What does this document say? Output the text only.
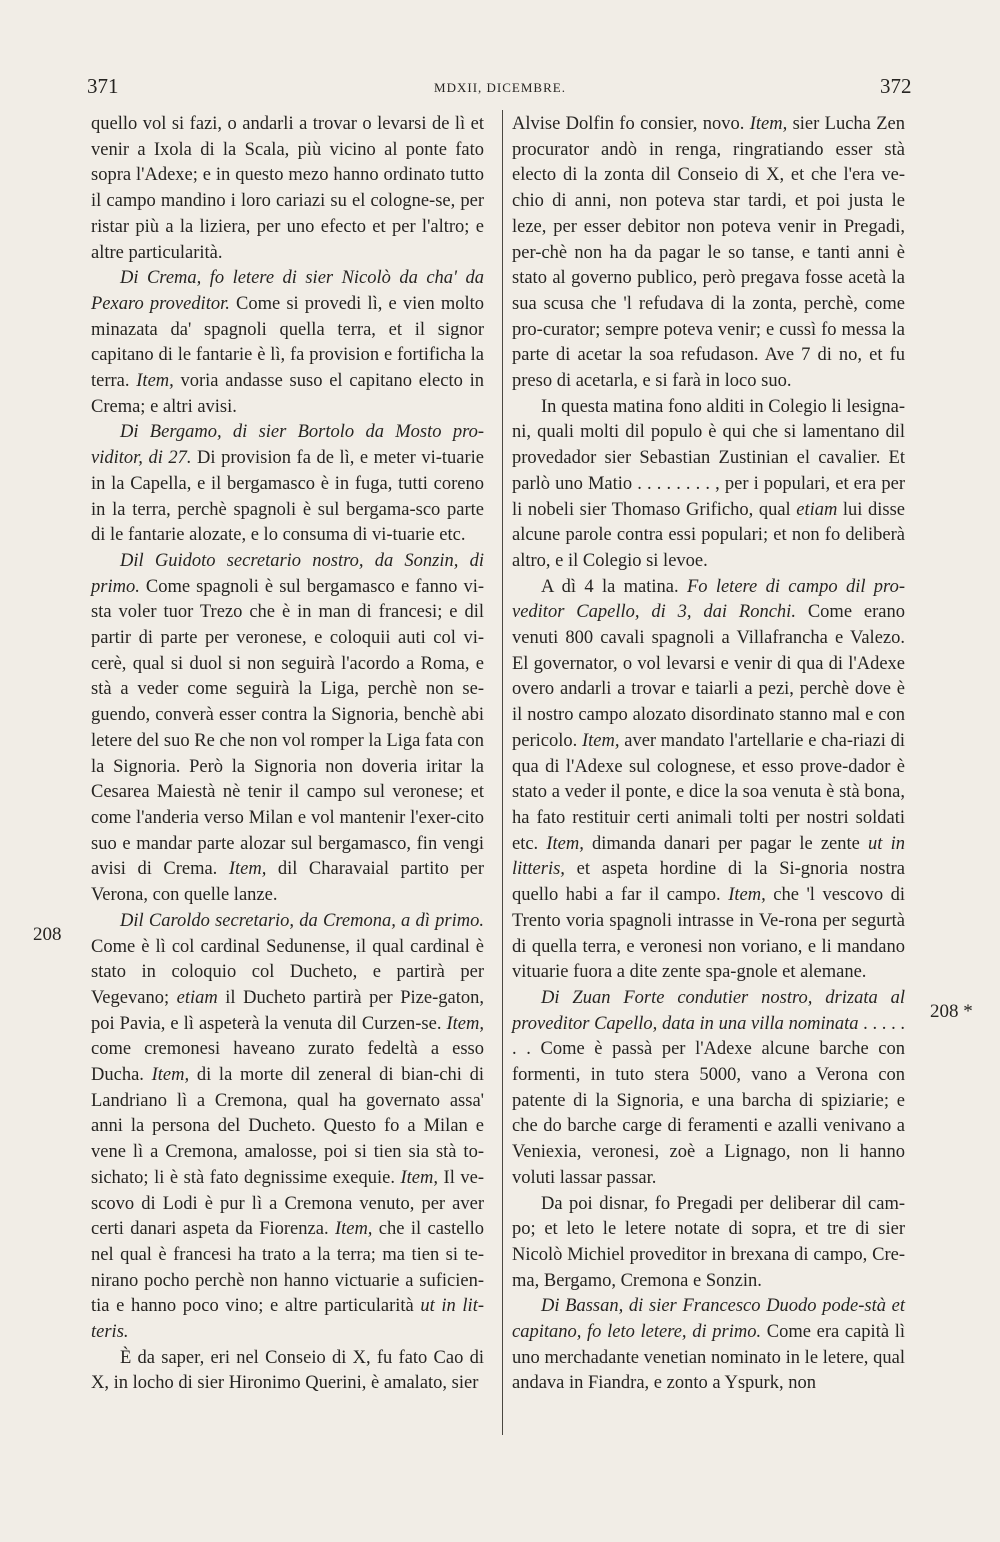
371	MDXII, DICEMBRE.	372
208
208 *

quello vol si fazi, o andarli a trovar o levarsi de lì et venir a Ixola di la Scala, più vicino al ponte fato sopra l'Adexe; e in questo mezo hanno ordinato tutto il campo mandino i loro cariazi su el cologne-se, per ristar più a la liziera, per uno efecto et per l'altro; e altre particularità.

Di Crema, fo letere di sier Nicolò da cha' da Pexaro proveditor. Come si provedi lì, e vien molto minazata da' spagnoli quella terra, et il signor capitano di le fantarie è lì, fa provision e fortificha la terra. Item, voria andasse suso el capitano electo in Crema; e altri avisi.

Di Bergamo, di sier Bortolo da Mosto pro-viditor, di 27. Di provision fa de lì, e meter vi-tuarie in la Capella, e il bergamasco è in fuga, tutti coreno in la terra, perchè spagnoli è sul bergama-sco parte di le fantarie alozate, e lo consuma di vi-tuarie etc.

Dil Guidoto secretario nostro, da Sonzin, di primo. Come spagnoli è sul bergamasco e fanno vi-sta voler tuor Trezo che è in man di francesi; e dil partir di parte per veronese, e coloquii auti col vi-cerè, qual si duol si non seguirà l'acordo a Roma, e stà a veder come seguirà la Liga, perchè non se-guendo, converà esser contra la Signoria, benchè abi letere del suo Re che non vol romper la Liga fata con la Signoria. Però la Signoria non doveria iritar la Cesarea Maiestà nè tenir il campo sul veronese; et come l'anderia verso Milan e vol mantenir l'exer-cito suo e mandar parte alozar sul bergamasco, fin vengi avisi di Crema. Item, dil Charavaial partito per Verona, con quelle lanze.

Dil Caroldo secretario, da Cremona, a dì primo. Come è lì col cardinal Sedunense, il qual cardinal è stato in coloquio col Ducheto, e partirà per Vegevano; etiam il Ducheto partirà per Pize-gaton, poi Pavia, e lì aspeterà la venuta dil Curzen-se. Item, come cremonesi haveano zurato fedeltà a esso Ducha. Item, di la morte dil zeneral di bian-chi di Landriano lì a Cremona, qual ha governato assa' anni la persona del Ducheto. Questo fo a Milan e vene lì a Cremona, amalosse, poi si tien sia stà to-sichato; li è stà fato degnissime exequie. Item, Il ve-scovo di Lodi è pur lì a Cremona venuto, per aver certi danari aspeta da Fiorenza. Item, che il castello nel qual è francesi ha trato a la terra; ma tien si te-nirano pocho perchè non hanno victuarie a suficien-tia e hanno poco vino; e altre particularità ut in lit-teris.

È da saper, eri nel Conseio di X, fu fato Cao di X, in locho di sier Hironimo Querini, è amalato, sier

Alvise Dolfin fo consier, novo. Item, sier Lucha Zen procurator andò in renga, ringratiando esser stà electo di la zonta dil Conseio di X, et che l'era ve-chio di anni, non poteva star tardi, et poi justa le leze, per esser debitor non poteva venir in Pregadi, per-chè non ha da pagar le so tanse, e tanti anni è stato al governo publico, però pregava fosse acetà la sua scusa che 'l refudava di la zonta, perchè, come pro-curator; sempre poteva venir; e cussì fo messa la parte di acetar la soa refudason. Ave 7 di no, et fu preso di acetarla, e si farà in loco suo.

In questa matina fono alditi in Colegio li lesigna-ni, quali molti dil populo è qui che si lamentano dil provedador sier Sebastian Zustinian el cavalier. Et parlò uno Matio . . . . . . . . , per i populari, et era per li nobeli sier Thomaso Grificho, qual etiam lui disse alcune parole contra essi populari; et non fo deliberà altro, e il Colegio si levoe.

A dì 4 la matina. Fo letere di campo dil pro-veditor Capello, di 3, dai Ronchi. Come erano venuti 800 cavali spagnoli a Villafrancha e Valezo. El governator, o vol levarsi e venir di qua di l'Adexe overo andarli a trovar e taiarli a pezi, perchè dove è il nostro campo alozato disordinato stanno mal e con pericolo. Item, aver mandato l'artellarie e cha-riazi di qua di l'Adexe sul colognese, et esso prove-dador è stato a veder il ponte, e dice la soa venuta è stà bona, ha fato restituir certi animali tolti per nostri soldati etc. Item, dimanda danari per pagar le zente ut in litteris, et aspeta hordine di la Si-gnoria nostra quello habi a far il campo. Item, che 'l vescovo di Trento voria spagnoli intrasse in Ve-rona per segurtà di quella terra, e veronesi non voriano, e li mandano vituarie fuora a dite zente spa-gnole et alemane.

Di Zuan Forte condutier nostro, drizata al proveditor Capello, data in una villa nominata . . . . . . . Come è passà per l'Adexe alcune barche con formenti, in tuto stera 5000, vano a Verona con patente di la Signoria, e una barcha di spiziarie; e che do barche carge di feramenti e azalli venivano a Veniexia, veronesi, zoè a Lignago, non li hanno voluti lassar passar.

Da poi disnar, fo Pregadi per deliberar dil cam-po; et leto le letere notate di sopra, et tre di sier Nicolò Michiel proveditor in brexana di campo, Cre-ma, Bergamo, Cremona e Sonzin.

Di Bassan, di sier Francesco Duodo pode-stà et capitano, fo leto letere, di primo. Come era capità lì uno merchadante venetian nominato in le letere, qual andava in Fiandra, e zonto a Yspurk, non
